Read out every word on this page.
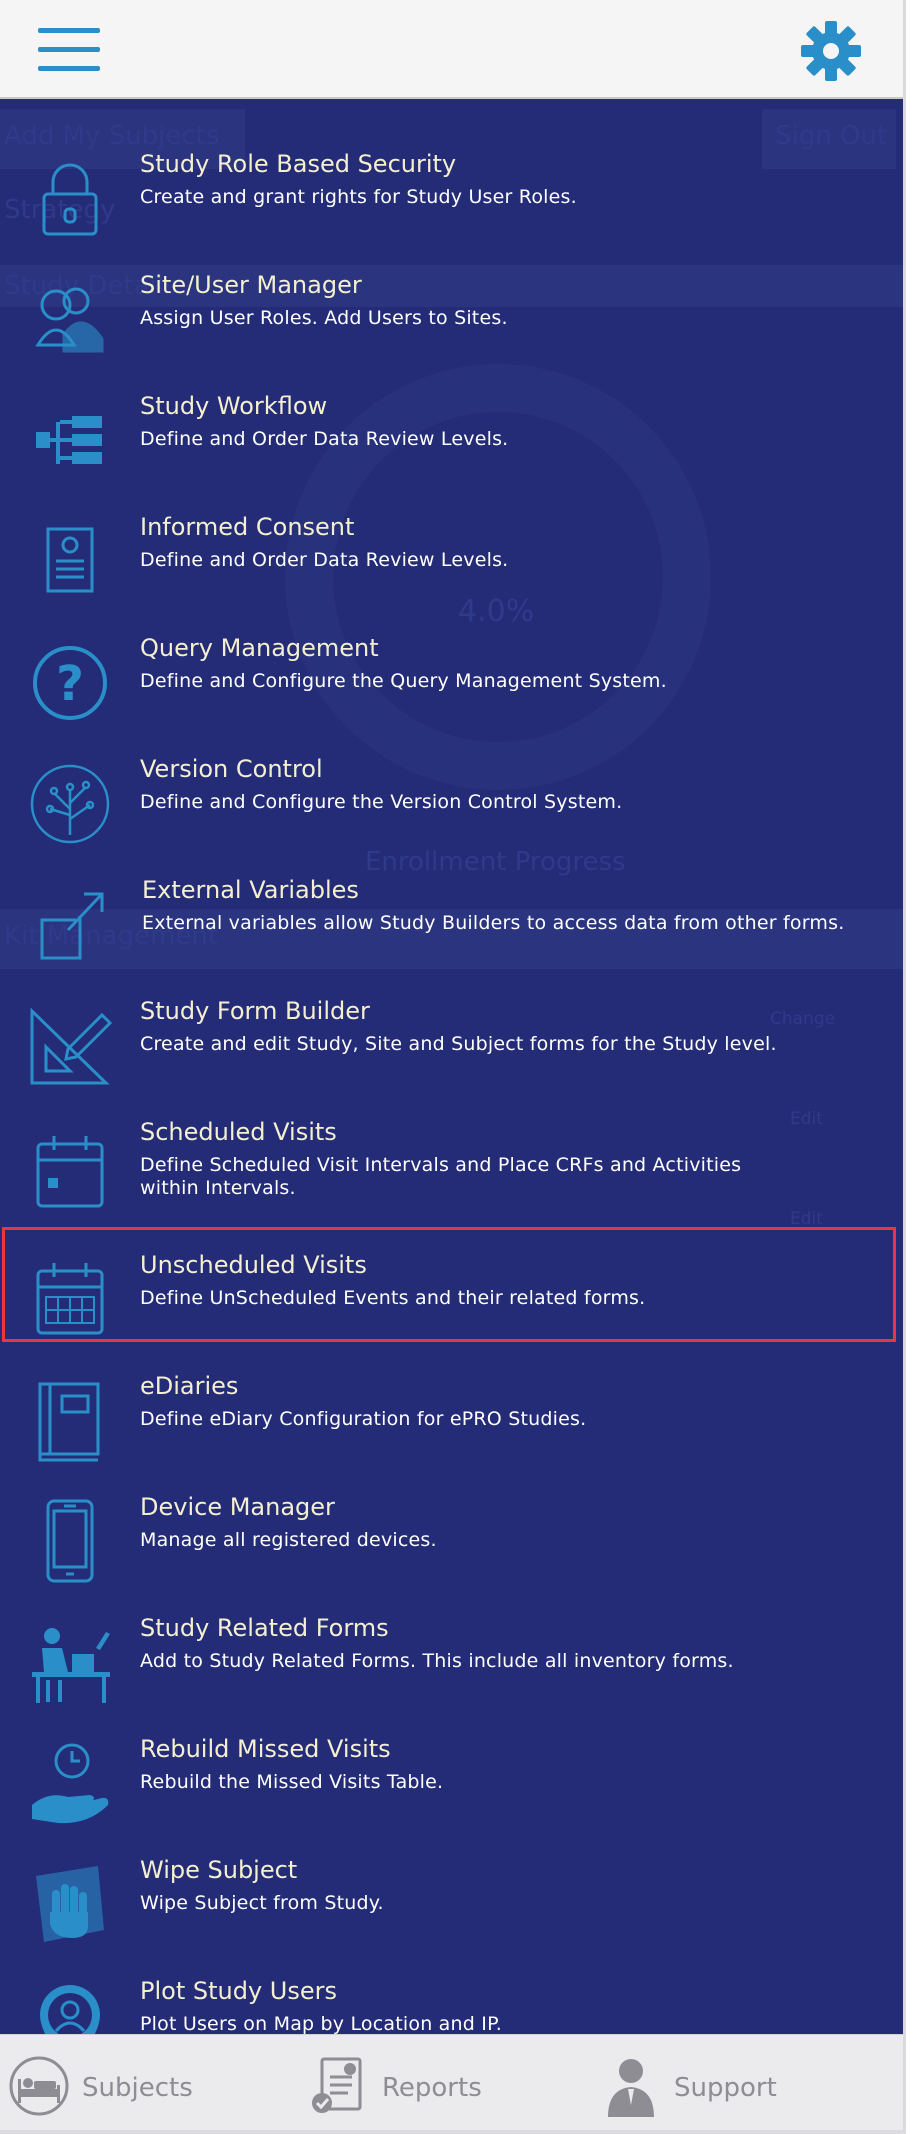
Add My Subjects	Sign Out
Strategy
Study Details
4.0%
Enrollment Progress
Kit Management
Change
Edit
Edit
Study Role Based Security
Create and grant rights for Study User Roles.
Site/User Manager
Assign User Roles. Add Users to Sites.
Study Workflow
Define and Order Data Review Levels.
Informed Consent
Define and Order Data Review Levels.
?
Query Management
Define and Configure the Query Management System.
Version Control
Define and Configure the Version Control System.
External Variables
External variables allow Study Builders to access data from other forms.
Study Form Builder
Create and edit Study, Site and Subject forms for the Study level.
Scheduled Visits
Define Scheduled Visit Intervals and Place CRFs and Activities within Intervals.
Unscheduled Visits
Define UnScheduled Events and their related forms.
eDiaries
Define eDiary Configuration for ePRO Studies.
Device Manager
Manage all registered devices.
Study Related Forms
Add to Study Related Forms. This include all inventory forms.
Rebuild Missed Visits
Rebuild the Missed Visits Table.
Wipe Subject
Wipe Subject from Study.
Plot Study Users
Plot Users on Map by Location and IP.
Subjects	Reports	Support
